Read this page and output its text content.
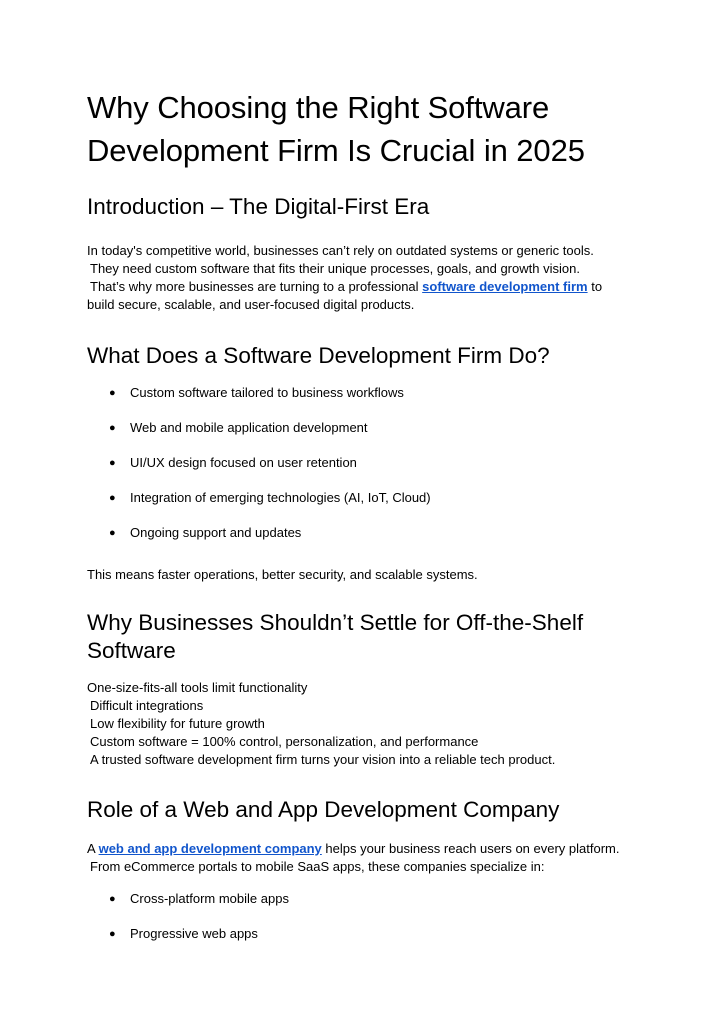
Why Choosing the Right Software Development Firm Is Crucial in 2025
Introduction – The Digital-First Era
In today's competitive world, businesses can’t rely on outdated systems or generic tools.
They need custom software that fits their unique processes, goals, and growth vision.
That’s why more businesses are turning to a professional software development firm to
build secure, scalable, and user-focused digital products.
What Does a Software Development Firm Do?
● Custom software tailored to business workflows
● Web and mobile application development
● UI/UX design focused on user retention
● Integration of emerging technologies (AI, IoT, Cloud)
● Ongoing support and updates

This means faster operations, better security, and scalable systems.

Why Businesses Shouldn’t Settle for Off-the-Shelf Software
One-size-fits-all tools limit functionality
Difficult integrations
Low flexibility for future growth
Custom software = 100% control, personalization, and performance
A trusted software development firm turns your vision into a reliable tech product.
Role of a Web and App Development Company
A web and app development company helps your business reach users on every platform.
From eCommerce portals to mobile SaaS apps, these companies specialize in:
● Cross-platform mobile apps
● Progressive web apps
